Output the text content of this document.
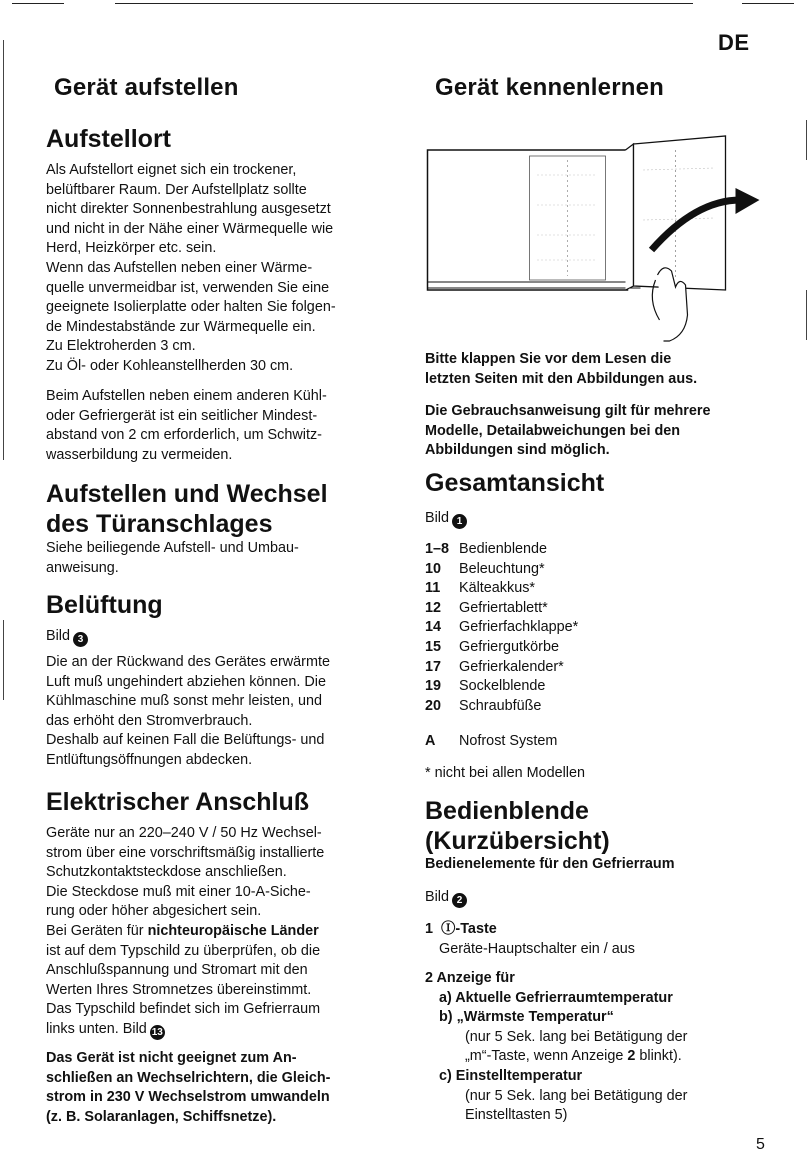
DE
Gerät aufstellen
Aufstellort
Als Aufstellort eignet sich ein trockener,
belüftbarer Raum. Der Aufstellplatz sollte
nicht direkter Sonnenbestrahlung ausgesetzt
und nicht in der Nähe einer Wärmequelle wie
Herd, Heizkörper etc. sein.
Wenn das Aufstellen neben einer Wärme-
quelle unvermeidbar ist, verwenden Sie eine
geeignete Isolierplatte oder halten Sie folgen-
de Mindestabstände zur Wärmequelle ein.
Zu Elektroherden 3 cm.
Zu Öl- oder Kohleanstellherden 30 cm.
Beim Aufstellen neben einem anderen Kühl-
oder Gefriergerät ist ein seitlicher Mindest-
abstand von 2 cm erforderlich, um Schwitz-
wasserbildung zu vermeiden.
Aufstellen und Wechsel
des Türanschlages
Siehe beiliegende Aufstell- und Umbau-
anweisung.
Belüftung
Bild 3
Die an der Rückwand des Gerätes erwärmte
Luft muß ungehindert abziehen können. Die
Kühlmaschine muß sonst mehr leisten, und
das erhöht den Stromverbrauch.
Deshalb auf keinen Fall die Belüftungs- und
Entlüftungsöffnungen abdecken.
Elektrischer Anschluß
Geräte nur an 220–240 V / 50 Hz Wechsel-
strom über eine vorschriftsmäßig installierte
Schutzkontaktsteckdose anschließen.
Die Steckdose muß mit einer 10-A-Siche-
rung oder höher abgesichert sein.
Bei Geräten für nichteuropäische Länder
ist auf dem Typschild zu überprüfen, ob die
Anschlußspannung und Stromart mit den
Werten Ihres Stromnetzes übereinstimmt.
Das Typschild befindet sich im Gefrierraum
links unten. Bild 13
Das Gerät ist nicht geeignet zum An-
schließen an Wechselrichtern, die Gleich-
strom in 230 V Wechselstrom umwandeln
(z. B. Solaranlagen, Schiffsnetze).
Gerät kennenlernen
Bitte klappen Sie vor dem Lesen die
letzten Seiten mit den Abbildungen aus.
Die Gebrauchsanweisung gilt für mehrere
Modelle, Detailabweichungen bei den
Abbildungen sind möglich.
Gesamtansicht
Bild 1
1–8 Bedienblende
10	Beleuchtung*
11	Kälteakkus*
12	Gefriertablett*
14	Gefrierfachklappe*
15	Gefriergutkörbe
17	Gefrierkalender*
19	Sockelblende
20	Schraubfüße
A	Nofrost System
* nicht bei allen Modellen
Bedienblende
(Kurzübersicht)
Bedienelemente für den Gefrierraum
Bild 2
1 Ⓘ-Taste
Geräte-Hauptschalter ein / aus
2 Anzeige für
a) Aktuelle Gefrierraumtemperatur
b) „Wärmste Temperatur“
(nur 5 Sek. lang bei Betätigung der
„m“-Taste, wenn Anzeige 2 blinkt).
c) Einstelltemperatur
(nur 5 Sek. lang bei Betätigung der
Einstelltasten 5)
5
